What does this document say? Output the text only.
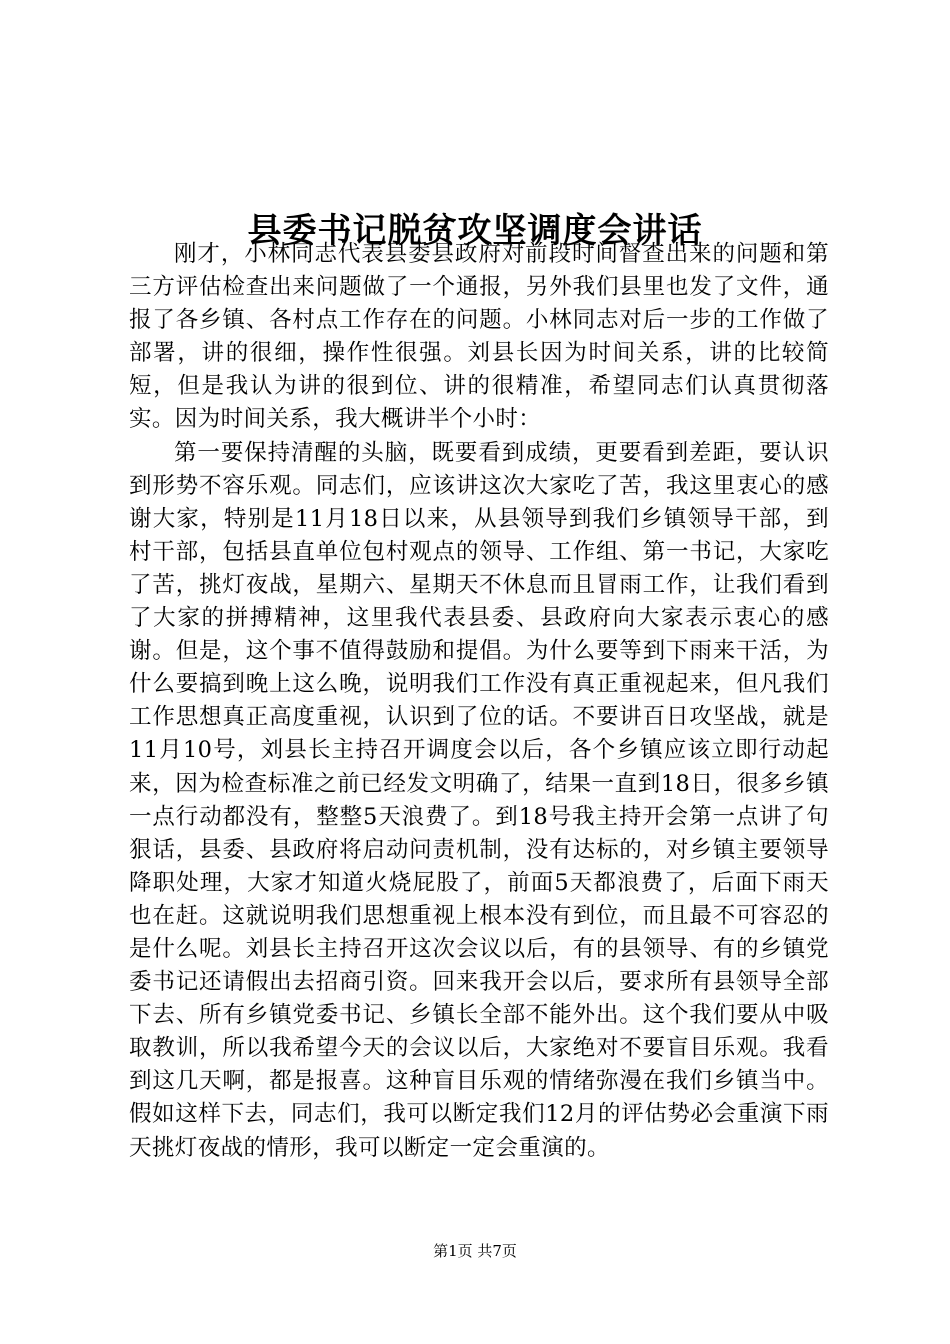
县委书记脱贫攻坚调度会讲话

刚才，小林同志代表县委县政府对前段时间督查出来的问题和第三方评估检查出来问题做了一个通报，另外我们县里也发了文件，通报了各乡镇、各村点工作存在的问题。小林同志对后一步的工作做了部署，讲的很细，操作性很强。刘县长因为时间关系，讲的比较简短，但是我认为讲的很到位、讲的很精准，希望同志们认真贯彻落实。因为时间关系，我大概讲半个小时：

第一要保持清醒的头脑，既要看到成绩，更要看到差距，要认识到形势不容乐观。同志们，应该讲这次大家吃了苦，我这里衷心的感谢大家，特别是11月18日以来，从县领导到我们乡镇领导干部，到村干部，包括县直单位包村观点的领导、工作组、第一书记，大家吃了苦，挑灯夜战，星期六、星期天不休息而且冒雨工作，让我们看到了大家的拼搏精神，这里我代表县委、县政府向大家表示衷心的感谢。但是，这个事不值得鼓励和提倡。为什么要等到下雨来干活，为什么要搞到晚上这么晚，说明我们工作没有真正重视起来，但凡我们工作思想真正高度重视，认识到了位的话。不要讲百日攻坚战，就是11月10号，刘县长主持召开调度会以后，各个乡镇应该立即行动起来，因为检查标准之前已经发文明确了，结果一直到18日，很多乡镇一点行动都没有，整整5天浪费了。到18号我主持开会第一点讲了句狠话，县委、县政府将启动问责机制，没有达标的，对乡镇主要领导降职处理，大家才知道火烧屁股了，前面5天都浪费了，后面下雨天也在赶。这就说明我们思想重视上根本没有到位，而且最不可容忍的是什么呢。刘县长主持召开这次会议以后，有的县领导、有的乡镇党委书记还请假出去招商引资。回来我开会以后，要求所有县领导全部下去、所有乡镇党委书记、乡镇长全部不能外出。这个我们要从中吸取教训，所以我希望今天的会议以后，大家绝对不要盲目乐观。我看到这几天啊，都是报喜。这种盲目乐观的情绪弥漫在我们乡镇当中。假如这样下去，同志们，我可以断定我们12月的评估势必会重演下雨天挑灯夜战的情形，我可以断定一定会重演的。

第1页 共7页
